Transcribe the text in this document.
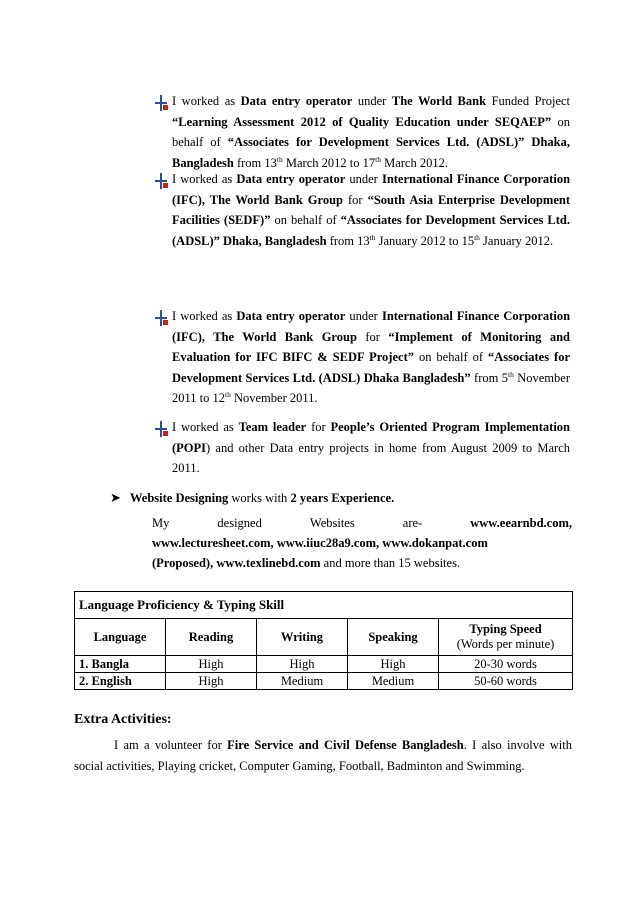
I worked as Data entry operator under The World Bank Funded Project “Learning Assessment 2012 of Quality Education under SEQAEP” on behalf of “Associates for Development Services Ltd. (ADSL)” Dhaka, Bangladesh from 13th March 2012 to 17th March 2012.
I worked as Data entry operator under International Finance Corporation (IFC), The World Bank Group for “South Asia Enterprise Development Facilities (SEDF)” on behalf of “Associates for Development Services Ltd. (ADSL)” Dhaka, Bangladesh from 13th January 2012 to 15th January 2012.
I worked as Data entry operator under International Finance Corporation (IFC), The World Bank Group for “Implement of Monitoring and Evaluation for IFC BIFC & SEDF Project” on behalf of “Associates for Development Services Ltd. (ADSL) Dhaka Bangladesh” from 5th November 2011 to 12th November 2011.
I worked as Team leader for People’s Oriented Program Implementation (POPI) and other Data entry projects in home from August 2009 to March 2011.
➤ Website Designing works with 2 years Experience.
My	designed	Websites	are-	www.eearnbd.com,
www.lecturesheet.com, www.iiuc28a9.com, www.dokanpat.com
(Proposed), www.texlinebd.com and more than 15 websites.
Language Proficiency & Typing Skill				
Language	Reading	Writing	Speaking	Typing Speed
(Words per minute)

1. Bangla	High	High	High	20-30 words
2. English	High	Medium	Medium	50-60 words
Extra Activities:
I am a volunteer for Fire Service and Civil Defense Bangladesh. I also involve with social activities, Playing cricket, Computer Gaming, Football, Badminton and Swimming.
